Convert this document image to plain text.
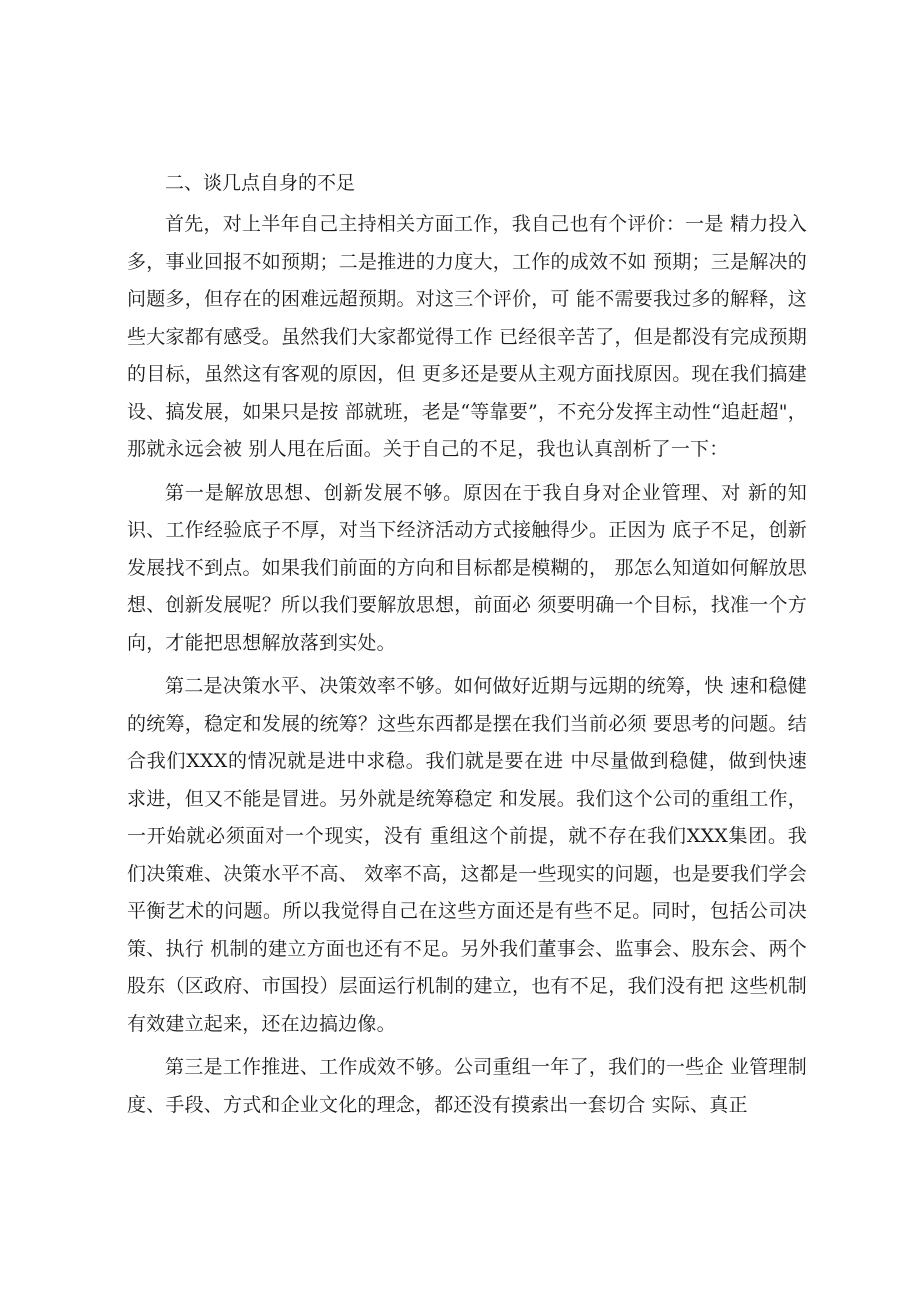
二、谈几点自身的不足

首先，对上半年自己主持相关方面工作，我自己也有个评价：一是 精力投入多，事业回报不如预期；二是推进的力度大，工作的成效不如 预期；三是解决的问题多，但存在的困难远超预期。对这三个评价，可 能不需要我过多的解释，这些大家都有感受。虽然我们大家都觉得工作 已经很辛苦了，但是都没有完成预期的目标，虽然这有客观的原因，但 更多还是要从主观方面找原因。现在我们搞建设、搞发展，如果只是按 部就班，老是“等靠要”，不充分发挥主动性“追赶超"，那就永远会被 别人甩在后面。关于自己的不足，我也认真剖析了一下：

第一是解放思想、创新发展不够。原因在于我自身对企业管理、对 新的知识、工作经验底子不厚，对当下经济活动方式接触得少。正因为 底子不足，创新发展找不到点。如果我们前面的方向和目标都是模糊的， 那怎么知道如何解放思想、创新发展呢？所以我们要解放思想，前面必 须要明确一个目标，找准一个方向，才能把思想解放落到实处。

第二是决策水平、决策效率不够。如何做好近期与远期的统筹，快 速和稳健的统筹，稳定和发展的统筹？这些东西都是摆在我们当前必须 要思考的问题。结合我们XXX的情况就是进中求稳。我们就是要在进 中尽量做到稳健，做到快速求进，但又不能是冒进。另外就是统筹稳定 和发展。我们这个公司的重组工作，一开始就必须面对一个现实，没有 重组这个前提，就不存在我们XXX集团。我们决策难、决策水平不高、 效率不高，这都是一些现实的问题，也是要我们学会平衡艺术的问题。所以我觉得自己在这些方面还是有些不足。同时，包括公司决策、执行 机制的建立方面也还有不足。另外我们董事会、监事会、股东会、两个 股东（区政府、市国投）层面运行机制的建立，也有不足，我们没有把 这些机制有效建立起来，还在边搞边像。

第三是工作推进、工作成效不够。公司重组一年了，我们的一些企 业管理制度、手段、方式和企业文化的理念，都还没有摸索出一套切合 实际、真正
